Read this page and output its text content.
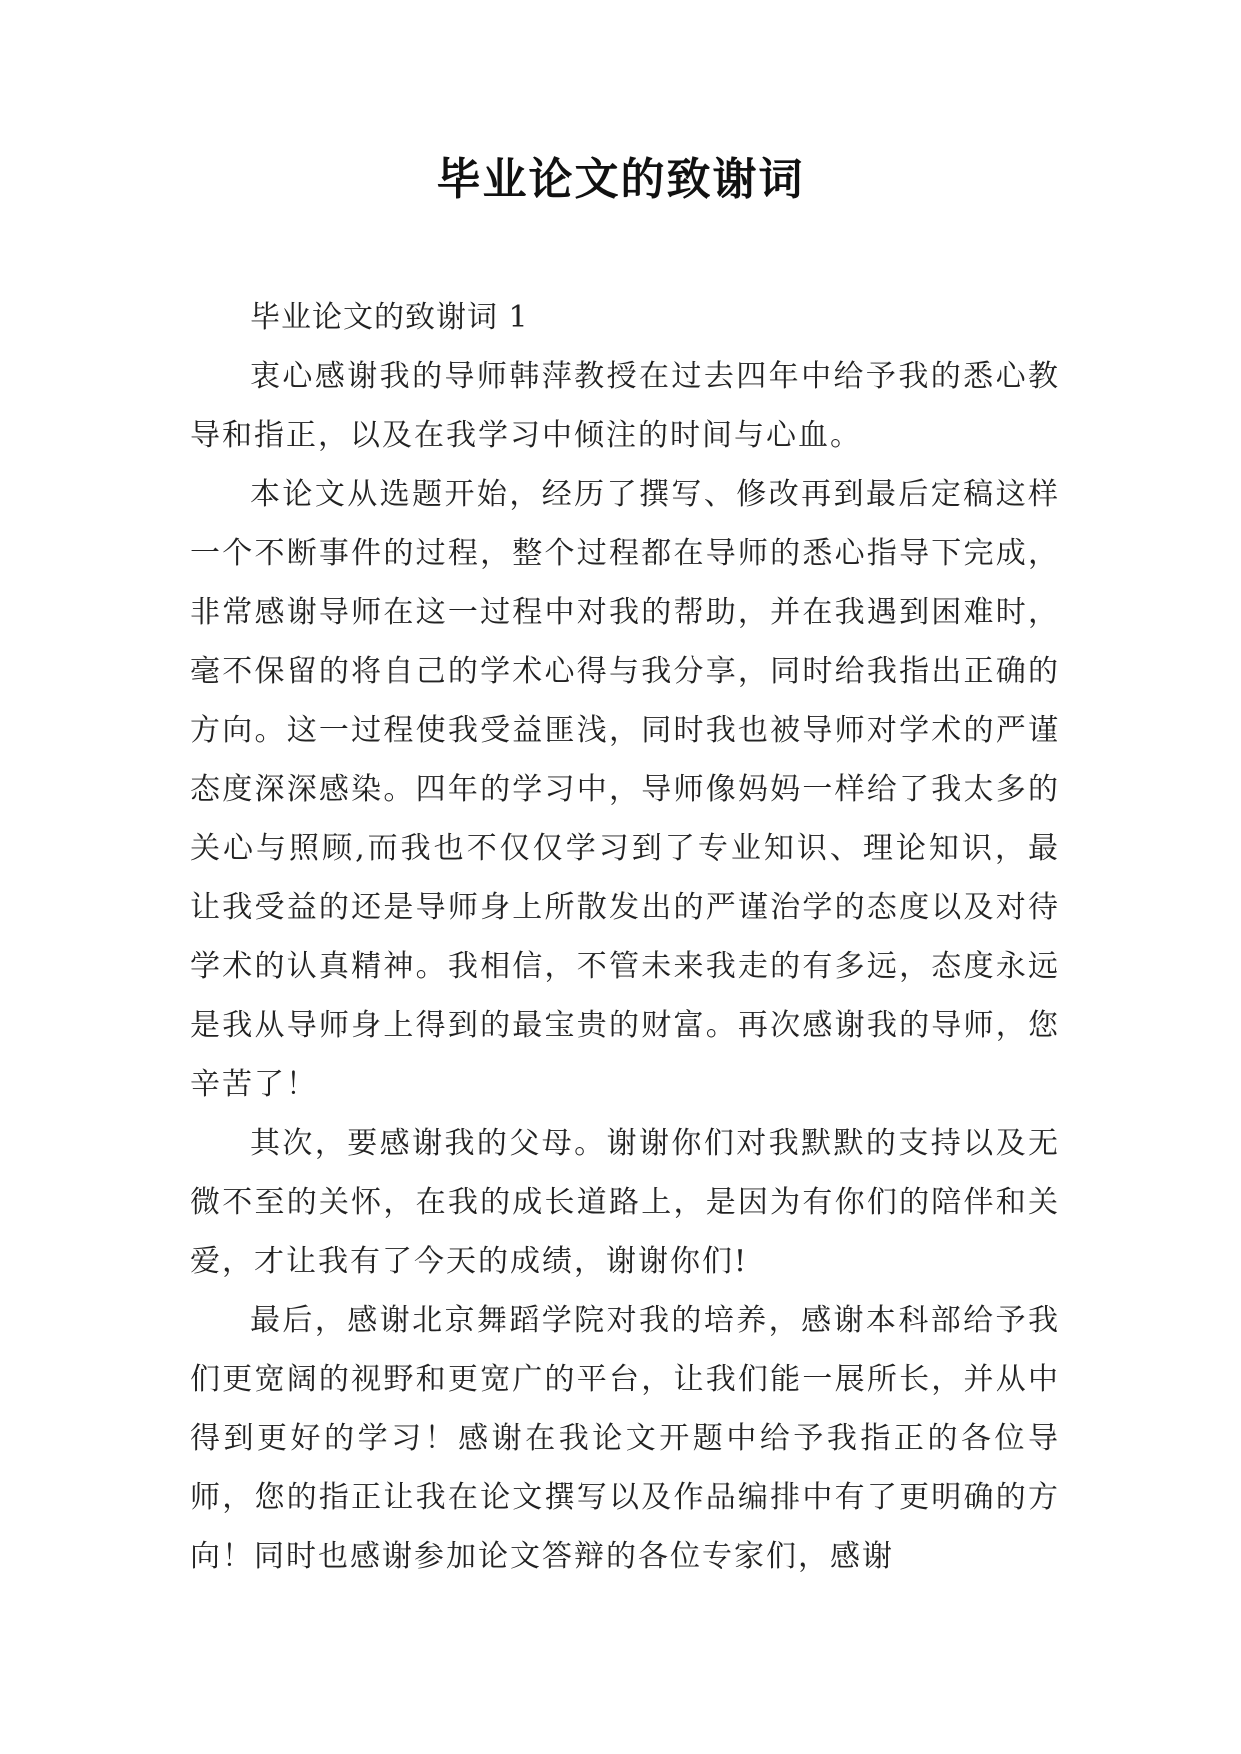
毕业论文的致谢词

毕业论文的致谢词 1

衷心感谢我的导师韩萍教授在过去四年中给予我的悉心教导和指正，以及在我学习中倾注的时间与心血。

本论文从选题开始，经历了撰写、修改再到最后定稿这样一个不断事件的过程，整个过程都在导师的悉心指导下完成，非常感谢导师在这一过程中对我的帮助，并在我遇到困难时，毫不保留的将自己的学术心得与我分享，同时给我指出正确的方向。这一过程使我受益匪浅，同时我也被导师对学术的严谨态度深深感染。四年的学习中，导师像妈妈一样给了我太多的关心与照顾,而我也不仅仅学习到了专业知识、理论知识，最让我受益的还是导师身上所散发出的严谨治学的态度以及对待学术的认真精神。我相信，不管未来我走的有多远，态度永远是我从导师身上得到的最宝贵的财富。再次感谢我的导师，您辛苦了！

其次，要感谢我的父母。谢谢你们对我默默的支持以及无微不至的关怀，在我的成长道路上，是因为有你们的陪伴和关爱，才让我有了今天的成绩，谢谢你们!

最后，感谢北京舞蹈学院对我的培养，感谢本科部给予我们更宽阔的视野和更宽广的平台，让我们能一展所长，并从中得到更好的学习！感谢在我论文开题中给予我指正的各位导师，您的指正让我在论文撰写以及作品编排中有了更明确的方向！同时也感谢参加论文答辩的各位专家们，感谢
